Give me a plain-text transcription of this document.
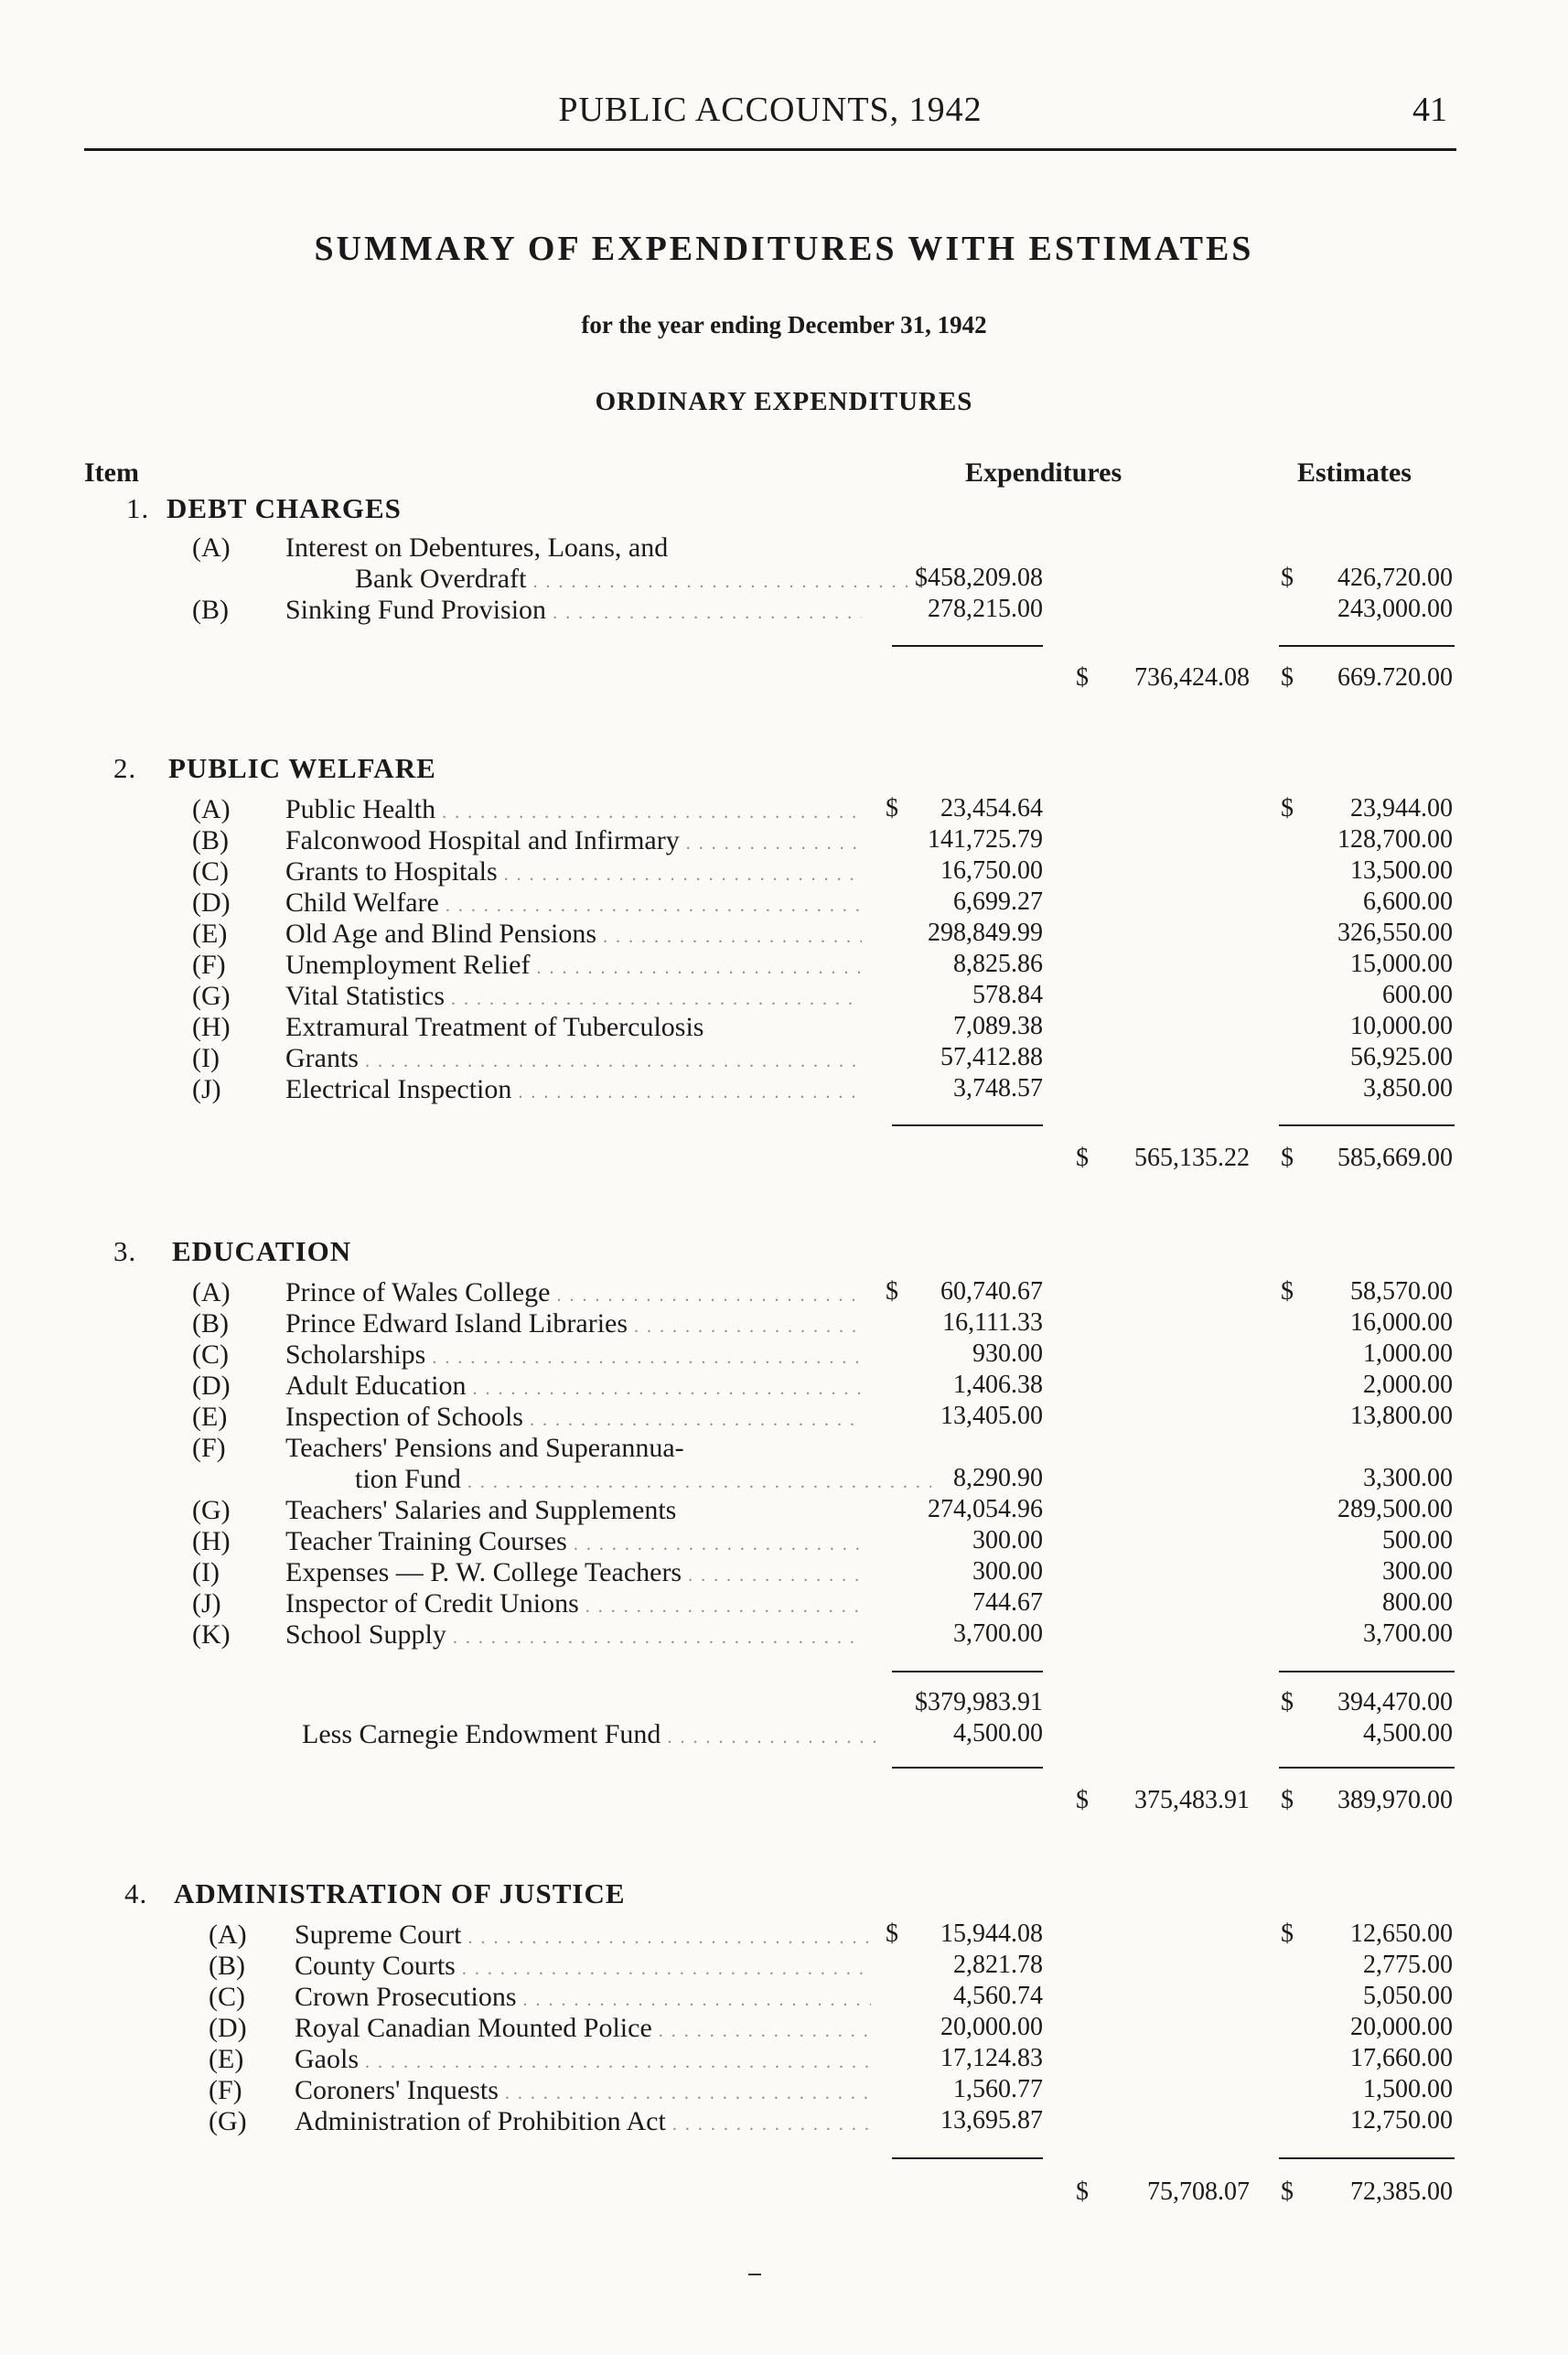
PUBLIC ACCOUNTS, 1942	41
SUMMARY OF EXPENDITURES WITH ESTIMATES
for the year ending December 31, 1942
ORDINARY EXPENDITURES
Item	Expenditures	Estimates
1. DEBT CHARGES
(A)	Interest on Debentures, Loans, and
Bank Overdraft . . .	$458,209.08	$	426,720.00
(B)	Sinking Fund Provision . . .	278,215.00	243,000.00
$	736,424.08 $	669.720.00
2. PUBLIC WELFARE
(A)	Public Health . . .	$	23,454.64	$	23,944.00
(B)	Falconwood Hospital and Infirmary . . .	141,725.79	128,700.00
(C)	Grants to Hospitals . . .	16,750.00	13,500.00
(D)	Child Welfare . . .	6,699.27	6,600.00
(E)	Old Age and Blind Pensions . . .	298,849.99	326,550.00
(F)	Unemployment Relief . . .	8,825.86	15,000.00
(G)	Vital Statistics . . .	578.84	600.00
(H)	Extramural Treatment of Tuberculosis	7,089.38	10,000.00
(I)	Grants . . .	57,412.88	56,925.00
(J)	Electrical Inspection . . .	3,748.57	3,850.00
$	565,135.22 $	585,669.00
3. EDUCATION
(A)	Prince of Wales College . . .	$	60,740.67	$	58,570.00
(B)	Prince Edward Island Libraries . . .	16,111.33	16,000.00
(C)	Scholarships . . .	930.00	1,000.00
(D)	Adult Education . . .	1,406.38	2,000.00
(E)	Inspection of Schools . . .	13,405.00	13,800.00
(F)	Teachers' Pensions and Superannua-
tion Fund . . .	8,290.90	3,300.00
(G)	Teachers' Salaries and Supplements	274,054.96	289,500.00
(H)	Teacher Training Courses . . .	300.00	500.00
(I)	Expenses — P. W. College Teachers . . .	300.00	300.00
(J)	Inspector of Credit Unions . . .	744.67	800.00
(K)	School Supply . . .	3,700.00	3,700.00
$379,983.91	$	394,470.00
Less Carnegie Endowment Fund . . .	4,500.00	4,500.00
$	375,483.91 $	389,970.00
4. ADMINISTRATION OF JUSTICE
(A)	Supreme Court . . .	$	15,944.08	$	12,650.00
(B)	County Courts . . .	2,821.78	2,775.00
(C)	Crown Prosecutions . . .	4,560.74	5,050.00
(D)	Royal Canadian Mounted Police . . .	20,000.00	20,000.00
(E)	Gaols . . .	17,124.83	17,660.00
(F)	Coroners' Inquests . . .	1,560.77	1,500.00
(G)	Administration of Prohibition Act . . .	13,695.87	12,750.00
$	75,708.07 $	72,385.00
